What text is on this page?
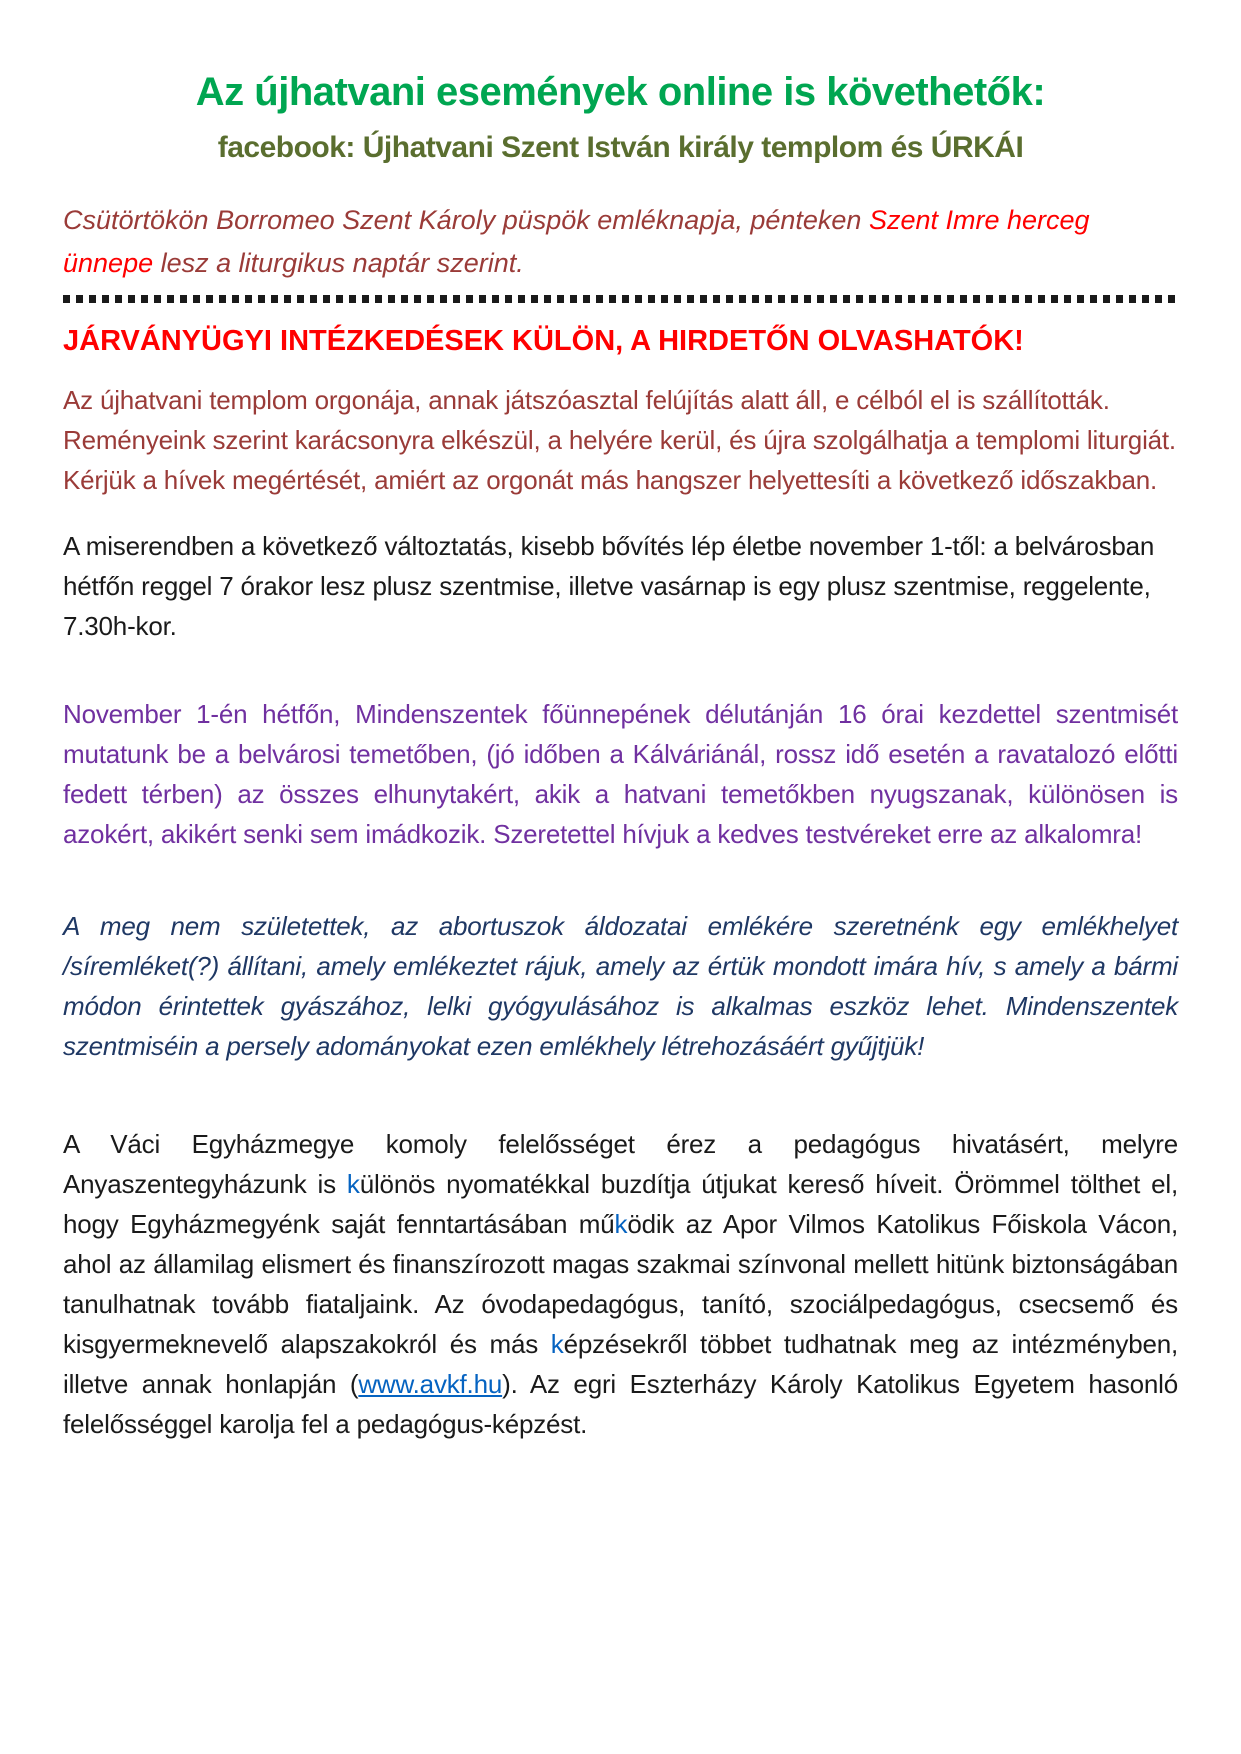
Az újhatvani események online is követhetők:
facebook: Újhatvani Szent István király templom és ÚRKÁI

Csütörtökön Borromeo Szent Károly püspök emléknapja, pénteken Szent Imre herceg ünnepe lesz a liturgikus naptár szerint.

JÁRVÁNYÜGYI INTÉZKEDÉSEK KÜLÖN, A HIRDETŐN OLVASHATÓK!

Az újhatvani templom orgonája, annak játszóasztal felújítás alatt áll, e célból el is szállították. Reményeink szerint karácsonyra elkészül, a helyére kerül, és újra szolgálhatja a templomi liturgiát. Kérjük a hívek megértését, amiért az orgonát más hangszer helyettesíti a következő időszakban.

A miserendben a következő változtatás, kisebb bővítés lép életbe november 1-től: a belvárosban hétfőn reggel 7 órakor lesz plusz szentmise, illetve vasárnap is egy plusz szentmise, reggelente, 7.30h-kor.

November 1-én hétfőn, Mindenszentek főünnepének délutánján 16 órai kezdettel szentmisét mutatunk be a belvárosi temetőben, (jó időben a Kálváriánál, rossz idő esetén a ravatalozó előtti fedett térben) az összes elhunytakért, akik a hatvani temetőkben nyugszanak, különösen is azokért, akikért senki sem imádkozik. Szeretettel hívjuk a kedves testvéreket erre az alkalomra!

A meg nem születettek, az abortuszok áldozatai emlékére szeretnénk egy emlékhelyet /síremléket(?) állítani, amely emlékeztet rájuk, amely az értük mondott imára hív, s amely a bármi módon érintettek gyászához, lelki gyógyulásához is alkalmas eszköz lehet. Mindenszentek szentmiséin a persely adományokat ezen emlékhely létrehozásáért gyűjtjük!

A Váci Egyházmegye komoly felelősséget érez a pedagógus hivatásért, melyre Anyaszentegyházunk is különös nyomatékkal buzdítja útjukat kereső híveit. Örömmel tölthet el, hogy Egyházmegyénk saját fenntartásában működik az Apor Vilmos Katolikus Főiskola Vácon, ahol az államilag elismert és finanszírozott magas szakmai színvonal mellett hitünk biztonságában tanulhatnak tovább fiataljaink. Az óvodapedagógus, tanító, szociálpedagógus, csecsemő és kisgyermeknevelő alapszakokról és más képzésekről többet tudhatnak meg az intézményben, illetve annak honlapján (www.avkf.hu). Az egri Eszterházy Károly Katolikus Egyetem hasonló felelősséggel karolja fel a pedagógus-képzést.
